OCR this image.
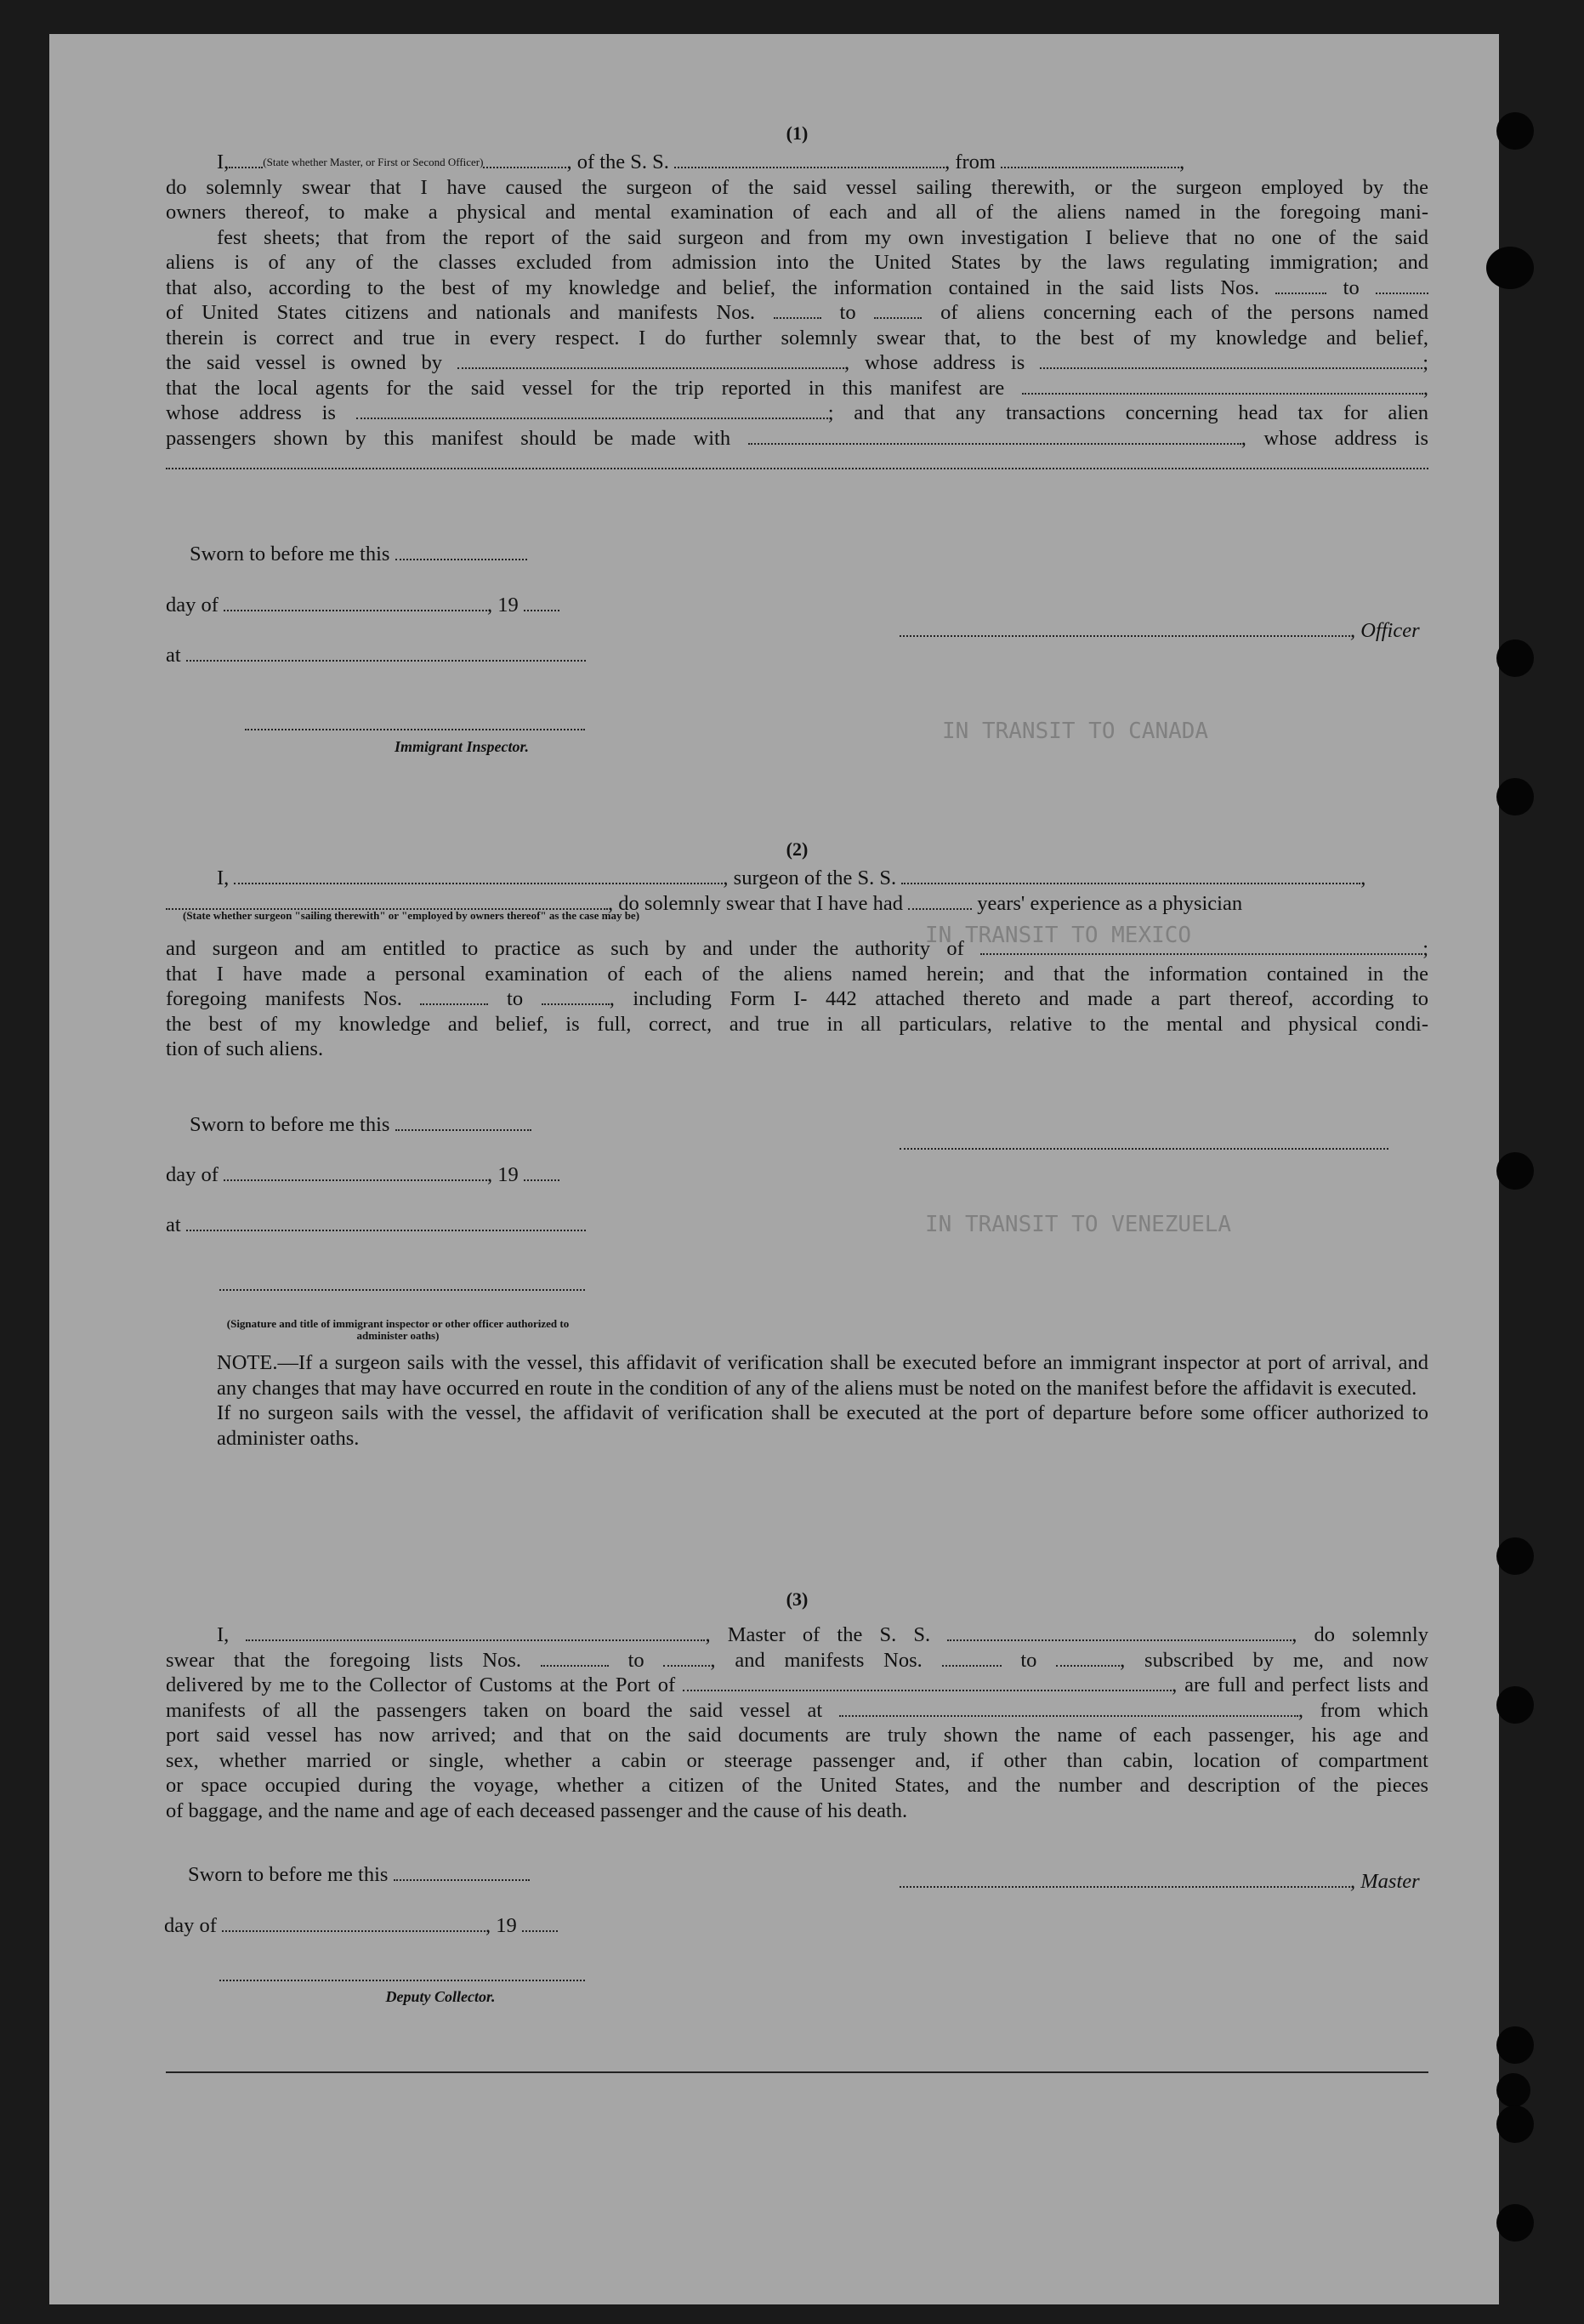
IN TRANSIT TO CANADA
IN TRANSIT TO MEXICO
IN TRANSIT TO VENEZUELA

(1)

I,	$^{(State whether Master, or First or Second Officer)}$	, of the S. S.	, from	,

do solemnly swear that I have caused the surgeon of the said vessel sailing therewith, or the surgeon employed by the

owners thereof, to make a physical and mental examination of each and all of the aliens named in the foregoing mani-

fest sheets; that from the report of the said surgeon and from my own investigation I believe that no one of the said

aliens is of any of the classes excluded from admission into the United States by the laws regulating immigration; and

that also, according to the best of my knowledge and belief, the information contained in the said lists Nos.	to

of United States citizens and nationals and manifests Nos.	to	of aliens concerning each of the persons named

therein is correct and true in every respect. I do further solemnly swear that, to the best of my knowledge and belief,

the said vessel is owned by	, whose address is	;

that the local agents for the said vessel for the trip reported in this manifest are	,

whose address is	; and that any transactions concerning head tax for alien

passengers shown by this manifest should be made with	, whose address is

Sworn to before me this
day of	, 19
at
, Officer
Immigrant Inspector.

(2)

I,	, surgeon of the S. S.	,

, do solemnly swear that I have had	years' experience as a physician

(State whether surgeon "sailing therewith" or "employed by owners thereof" as the case may be)

and surgeon and am entitled to practice as such by and under the authority of	;

that I have made a personal examination of each of the aliens named herein; and that the information contained in the

foregoing manifests Nos.	to	, including Form I- 442 attached thereto and made a part thereof, according to

the best of my knowledge and belief, is full, correct, and true in all particulars, relative to the mental and physical condi-

tion of such aliens.

Sworn to before me this
day of	, 19
at
(Signature and title of immigrant inspector or other officer authorized to administer oaths)

NOTE.—If a surgeon sails with the vessel, this affidavit of verification shall be executed before an immigrant inspector at port of arrival, and any changes that may have occurred en route in the condition of any of the aliens must be noted on the manifest before the affidavit is executed.

If no surgeon sails with the vessel, the affidavit of verification shall be executed at the port of departure before some officer authorized to administer oaths.

(3)

I,	, Master of the S. S.	, do solemnly

swear that the foregoing lists Nos.	to	, and manifests Nos.	to	, subscribed by me, and now

delivered by me to the Collector of Customs at the Port of	, are full and perfect lists and

manifests of all the passengers taken on board the said vessel at	, from which

port said vessel has now arrived; and that on the said documents are truly shown the name of each passenger, his age and

sex, whether married or single, whether a cabin or steerage passenger and, if other than cabin, location of compartment

or space occupied during the voyage, whether a citizen of the United States, and the number and description of the pieces

of baggage, and the name and age of each deceased passenger and the cause of his death.

Sworn to before me this
day of	, 19
, Master
Deputy Collector.
